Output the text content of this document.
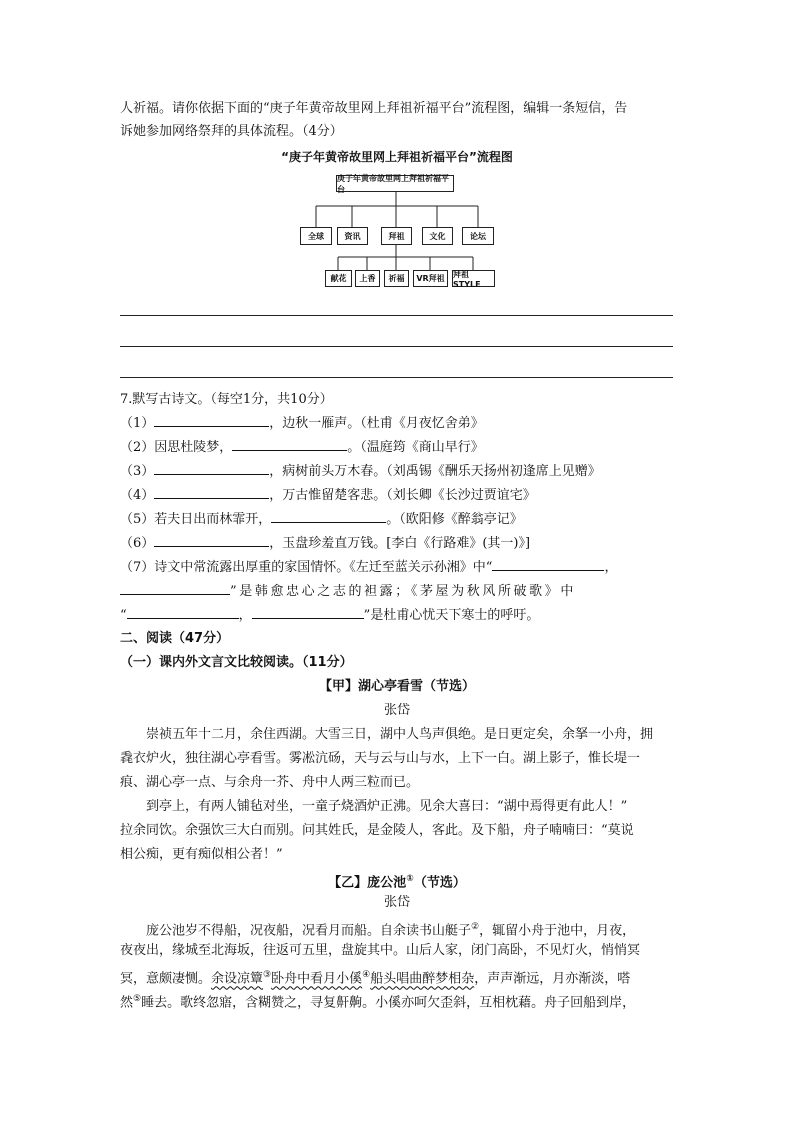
人祈福。请你依据下面的“庚子年黄帝故里网上拜祖祈福平台”流程图，编辑一条短信，告
诉她参加网络祭拜的具体流程。（4分）
“庚子年黄帝故里网上拜祖祈福平台”流程图
庚子年黄帝故里网上拜祖祈福平台
全球	资讯	拜祖	文化	论坛
献花	上香	祈福	VR拜祖	拜祖STYLE
7.默写古诗文。（每空1分，共10分）
（1）	，边秋一雁声。（杜甫《月夜忆舍弟》
（2）因思杜陵梦，	。（温庭筠《商山早行》
（3）	，病树前头万木春。（刘禹锡《酬乐天扬州初逢席上见赠》
（4）	，万古惟留楚客悲。（刘长卿《长沙过贾谊宅》
（5）若夫日出而林霏开，	。（欧阳修《醉翁亭记》
（6）	，玉盘珍羞直万钱。[李白《行路难》(其一)》]
（7）诗文中常流露出厚重的家国情怀。《左迁至蓝关示孙湘》中“	，
”是韩愈忠心之志的袒露；《茅屋为秋风所破歌》中
“	，	”是杜甫心忧天下寒士的呼吁。
二、阅读（47分）
（一）课内外文言文比较阅读。（11分）
【甲】湖心亭看雪（节选）
张岱
崇祯五年十二月，余住西湖。大雪三日，湖中人鸟声俱绝。是日更定矣，余拏一小舟，拥
毳衣炉火，独往湖心亭看雪。雾凇沆砀，天与云与山与水，上下一白。湖上影子，惟长堤一
痕、湖心亭一点、与余舟一芥、舟中人两三粒而已。
到亭上，有两人铺毡对坐，一童子烧酒炉正沸。见余大喜曰：“湖中焉得更有此人！”
拉余同饮。余强饮三大白而别。问其姓氏，是金陵人，客此。及下船，舟子喃喃曰：“莫说
相公痴，更有痴似相公者！”
【乙】庞公池①（节选）
张岱
庞公池岁不得船，况夜船，况看月而船。自余读书山艇子②，辄留小舟于池中，月夜，
夜夜出，缘城至北海坂，往返可五里，盘旋其中。山后人家，闭门高卧，不见灯火，悄悄冥
冥，意颇凄恻。余设凉簟③卧舟中看月小傒④船头唱曲醉梦相杂，声声渐远，月亦渐淡，嗒
然⑤睡去。歌终忽寤，含糊赞之，寻复鼾齁。小傒亦呵欠歪斜，互相枕藉。舟子回船到岸，
